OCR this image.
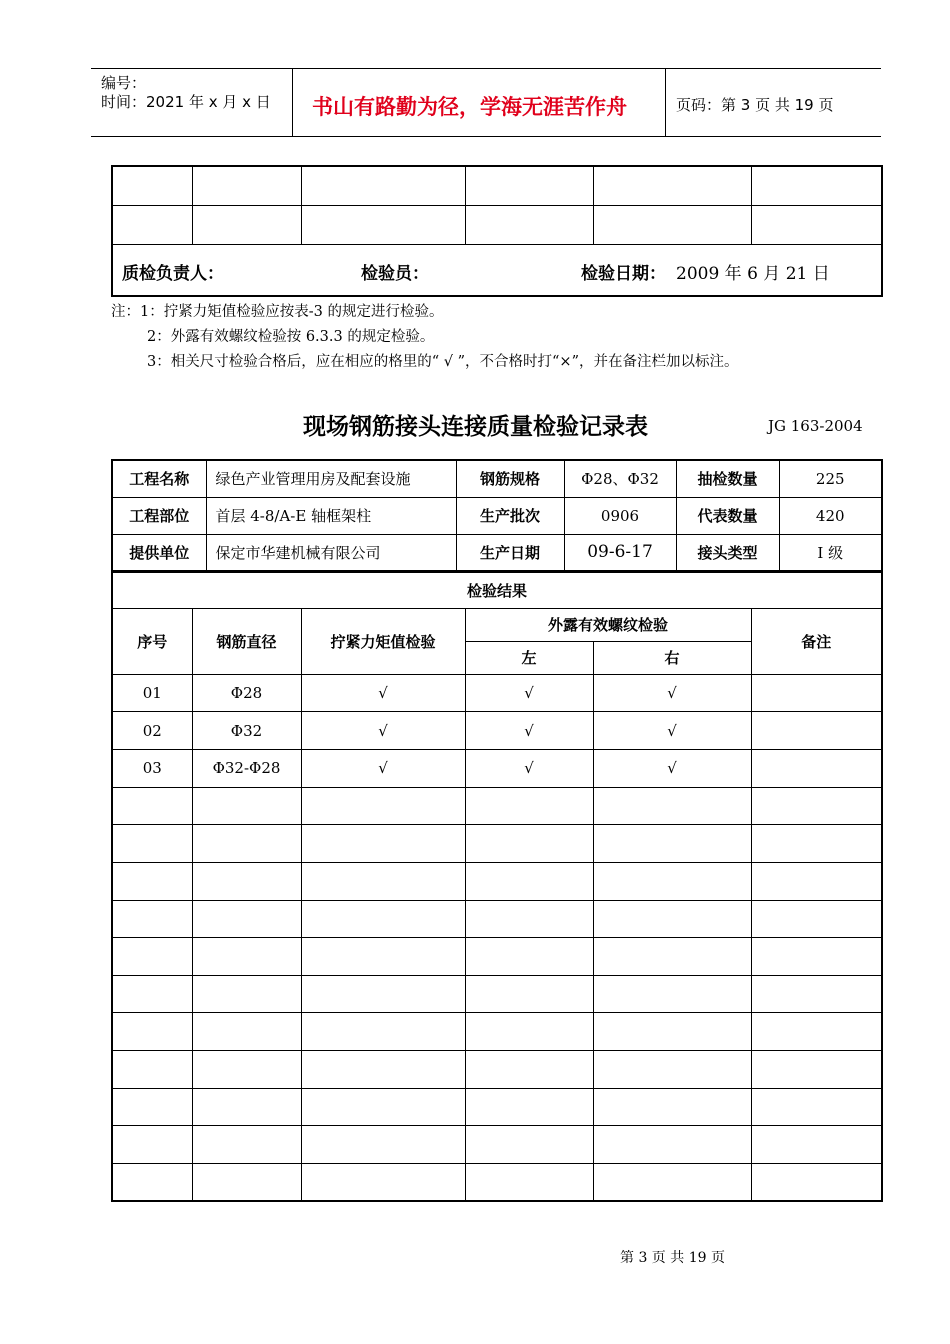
编号：
时间：2021 年 x 月 x 日 书山有路勤为径，学海无涯苦作舟	页码：第 3 页 共 19 页

质检负责人： 检验员： 检验日期： 2009 年 6 月 21 日					
注：1：拧紧力矩值检验应按表-3 的规定进行检验。
2：外露有效螺纹检验按 6.3.3 的规定检验。
3：相关尺寸检验合格后，应在相应的格里的“ √ ”，不合格时打“×”，并在备注栏加以标注。
现场钢筋接头连接质量检验记录表	JG 163-2004
工程名称	绿色产业管理用房及配套设施	钢筋规格	Φ28、Φ32	抽检数量	225
工程部位	首层 4-8/A-E 轴框架柱	生产批次	0906	代表数量	420
提供单位	保定市华建机械有限公司	生产日期	09-6-17	接头类型	Ⅰ 级
检验结果					
序号	钢筋直径	拧紧力矩值检验	外露有效螺纹检验		备注
			左	右	
01	Φ28	√	√	√	
02	Φ32	√	√	√	
03	Φ32-Φ28	√	√	√	

第 3 页 共 19 页
